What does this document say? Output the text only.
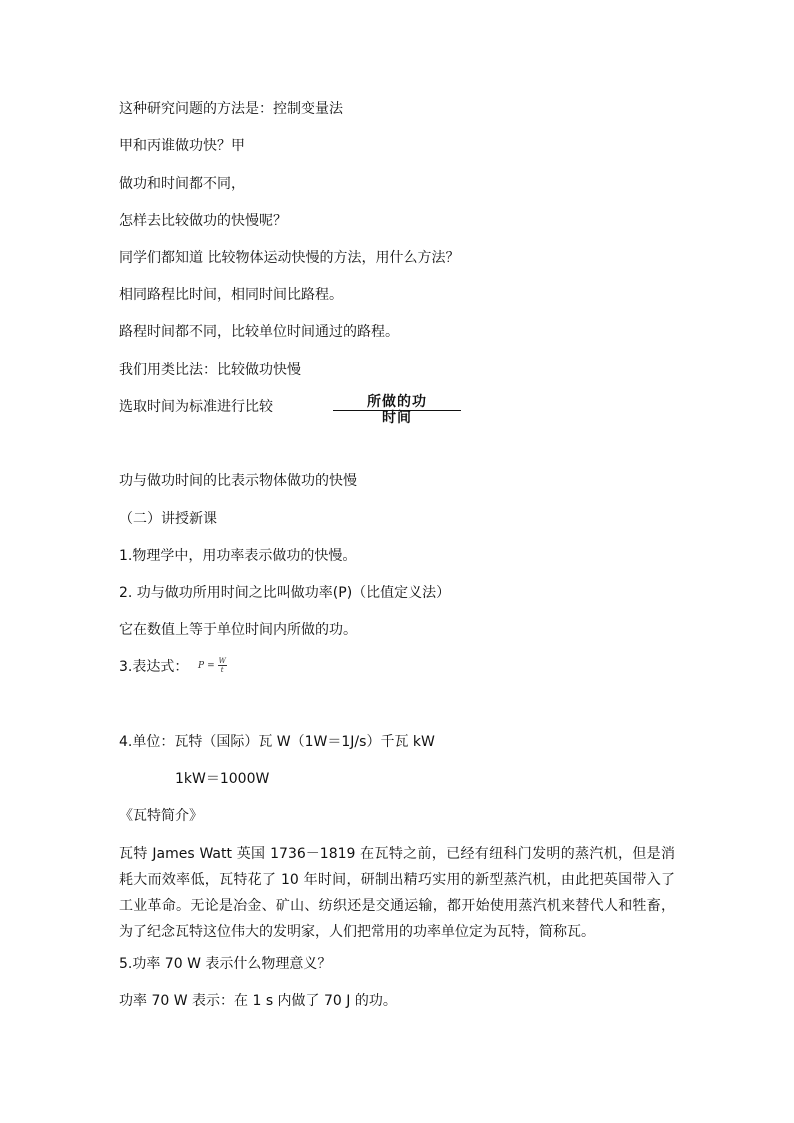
这种研究问题的方法是：控制变量法
甲和丙谁做功快？甲
做功和时间都不同，
怎样去比较做功的快慢呢？
同学们都知道 比较物体运动快慢的方法，用什么方法？
相同路程比时间，相同时间比路程。
路程时间都不同，比较单位时间通过的路程。
我们用类比法：比较做功快慢
选取时间为标准进行比较	所做的功
时间
功与做功时间的比表示物体做功的快慢
（二）讲授新课
1.物理学中，用功率表示做功的快慢。
2. 功与做功所用时间之比叫做功率(P)（比值定义法）
它在数值上等于单位时间内所做的功。
3.表达式： $P = \frac{W}{t}$
4.单位：瓦特（国际）瓦 W（1W＝1J/s）千瓦 kW
1kW＝1000W
《瓦特简介》
瓦特 James Watt 英国 1736－1819 在瓦特之前，已经有纽科门发明的蒸汽机，但是消耗大而效率低，瓦特花了 10 年时间，研制出精巧实用的新型蒸汽机，由此把英国带入了工业革命。无论是冶金、矿山、纺织还是交通运输，都开始使用蒸汽机来替代人和牲畜，为了纪念瓦特这位伟大的发明家，人们把常用的功率单位定为瓦特，简称瓦。
5.功率 70 W 表示什么物理意义？
功率 70 W 表示：在 1 s 内做了 70 J 的功。
